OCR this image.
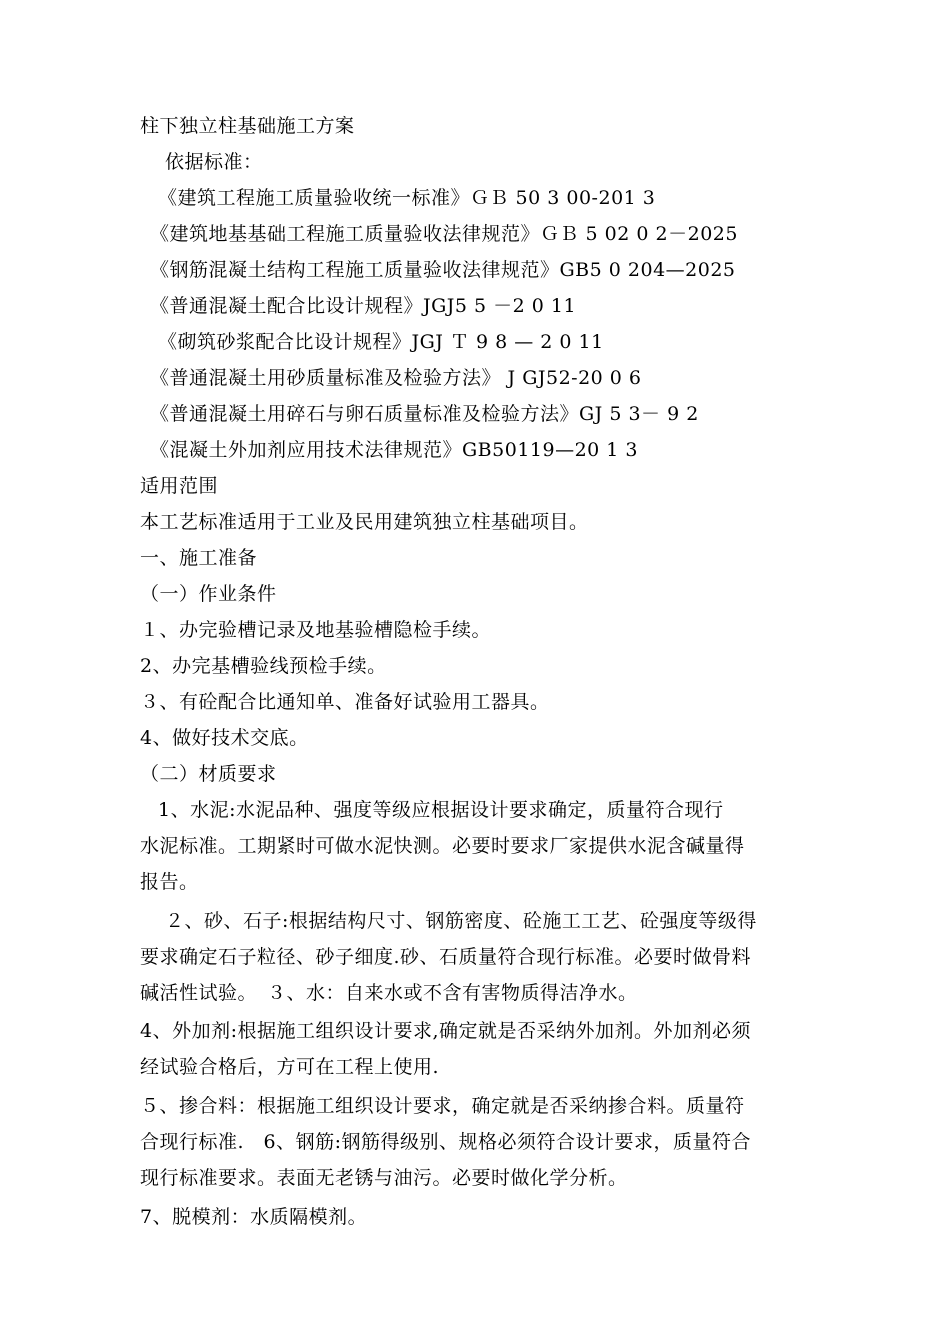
柱下独立柱基础施工方案
依据标准：
《建筑工程施工质量验收统一标准》ＧＢ 50 3 00-201 3
《建筑地基基础工程施工质量验收法律规范》ＧＢ 5 02 0 2－2025
《钢筋混凝土结构工程施工质量验收法律规范》GB5 0 204—2025
《普通混凝土配合比设计规程》JGJ5 5 －2 0 11
《砌筑砂浆配合比设计规程》JGJ Ｔ 9 8 — 2 0 11
《普通混凝土用砂质量标准及检验方法》 J GJ52-20 0 6
《普通混凝土用碎石与卵石质量标准及检验方法》GJ 5 3－ 9 2
《混凝土外加剂应用技术法律规范》GB50119—20 1 3
适用范围
本工艺标准适用于工业及民用建筑独立柱基础项目。
一、施工准备
（一）作业条件
１、办完验槽记录及地基验槽隐检手续。
2、办完基槽验线预检手续。
３、有砼配合比通知单、准备好试验用工器具。
4、做好技术交底。
（二）材质要求
1、水泥:水泥品种、强度等级应根据设计要求确定，质量符合现行
水泥标准。工期紧时可做水泥快测。必要时要求厂家提供水泥含碱量得
报告。
２、砂、石子:根据结构尺寸、钢筋密度、砼施工工艺、砼强度等级得
要求确定石子粒径、砂子细度.砂、石质量符合现行标准。必要时做骨料
碱活性试验。　３、水：自来水或不含有害物质得洁净水。
4、外加剂:根据施工组织设计要求,确定就是否采纳外加剂。外加剂必须
经试验合格后，方可在工程上使用.
５、掺合料：根据施工组织设计要求，确定就是否采纳掺合料。质量符
合现行标准.　6、钢筋:钢筋得级别、规格必须符合设计要求，质量符合
现行标准要求。表面无老锈与油污。必要时做化学分析。
7、脱模剂：水质隔模剂。
